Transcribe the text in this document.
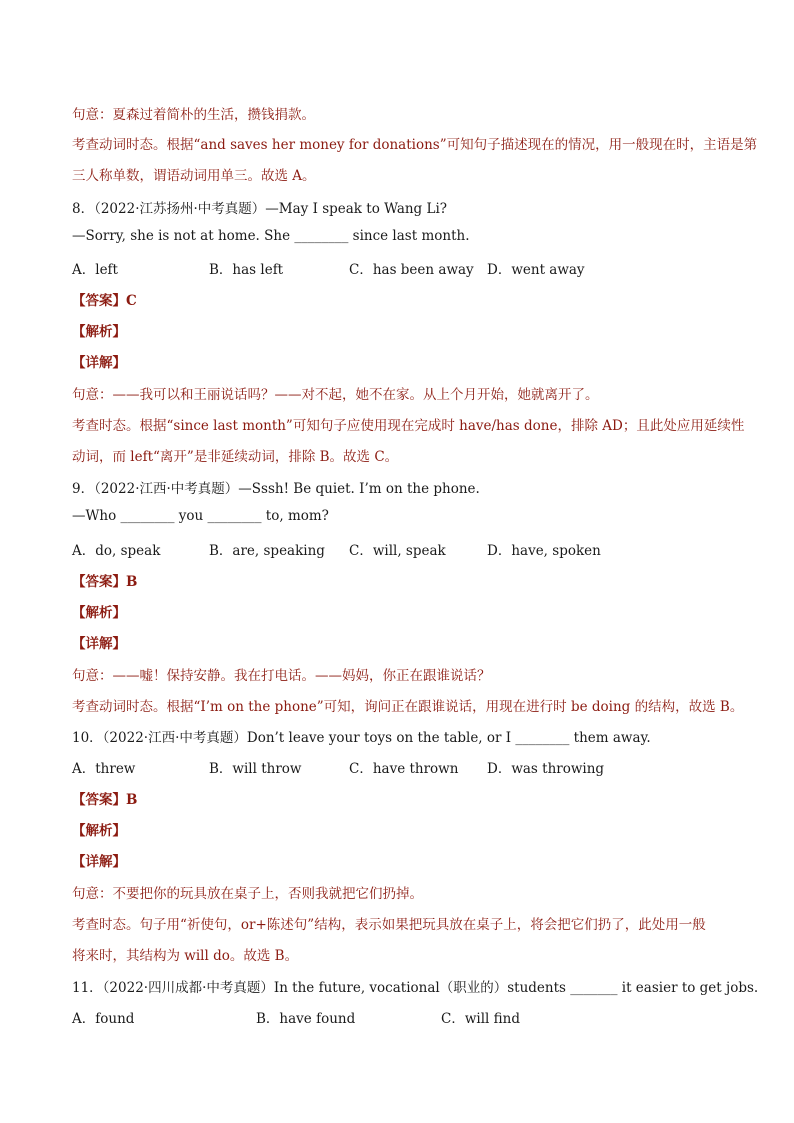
句意：夏森过着简朴的生活，攒钱捐款。
考查动词时态。根据“and saves her money for donations”可知句子描述现在的情况，用一般现在时，主语是第
三人称单数，谓语动词用单三。故选 A。
8．（2022·江苏扬州·中考真题）—May I speak to Wang Li?
—Sorry, she is not at home. She ________ since last month.
A．left	B．has left	C．has been away D．went away
【答案】C
【解析】
【详解】
句意：——我可以和王丽说话吗？——对不起，她不在家。从上个月开始，她就离开了。
考查时态。根据“since last month”可知句子应使用现在完成时 have/has done，排除 AD；且此处应用延续性
动词，而 left“离开”是非延续动词，排除 B。故选 C。
9．（2022·江西·中考真题）—Sssh! Be quiet. I’m on the phone.
—Who ________ you ________ to, mom?
A．do, speak	B．are, speaking C．will, speak	D．have, spoken
【答案】B
【解析】
【详解】
句意：——嘘！保持安静。我在打电话。——妈妈，你正在跟谁说话？
考查动词时态。根据“I’m on the phone”可知，询问正在跟谁说话，用现在进行时 be doing 的结构，故选 B。
10．（2022·江西·中考真题）Don’t leave your toys on the table, or I ________ them away.
A．threw	B．will throw	C．have thrown D．was throwing
【答案】B
【解析】
【详解】
句意：不要把你的玩具放在桌子上，否则我就把它们扔掉。
考查时态。句子用“祈使句，or+陈述句”结构，表示如果把玩具放在桌子上，将会把它们扔了，此处用一般
将来时，其结构为 will do。故选 B。
11．（2022·四川成都·中考真题）In the future, vocational（职业的）students _______ it easier to get jobs.
A．found	B．have found	C．will find
